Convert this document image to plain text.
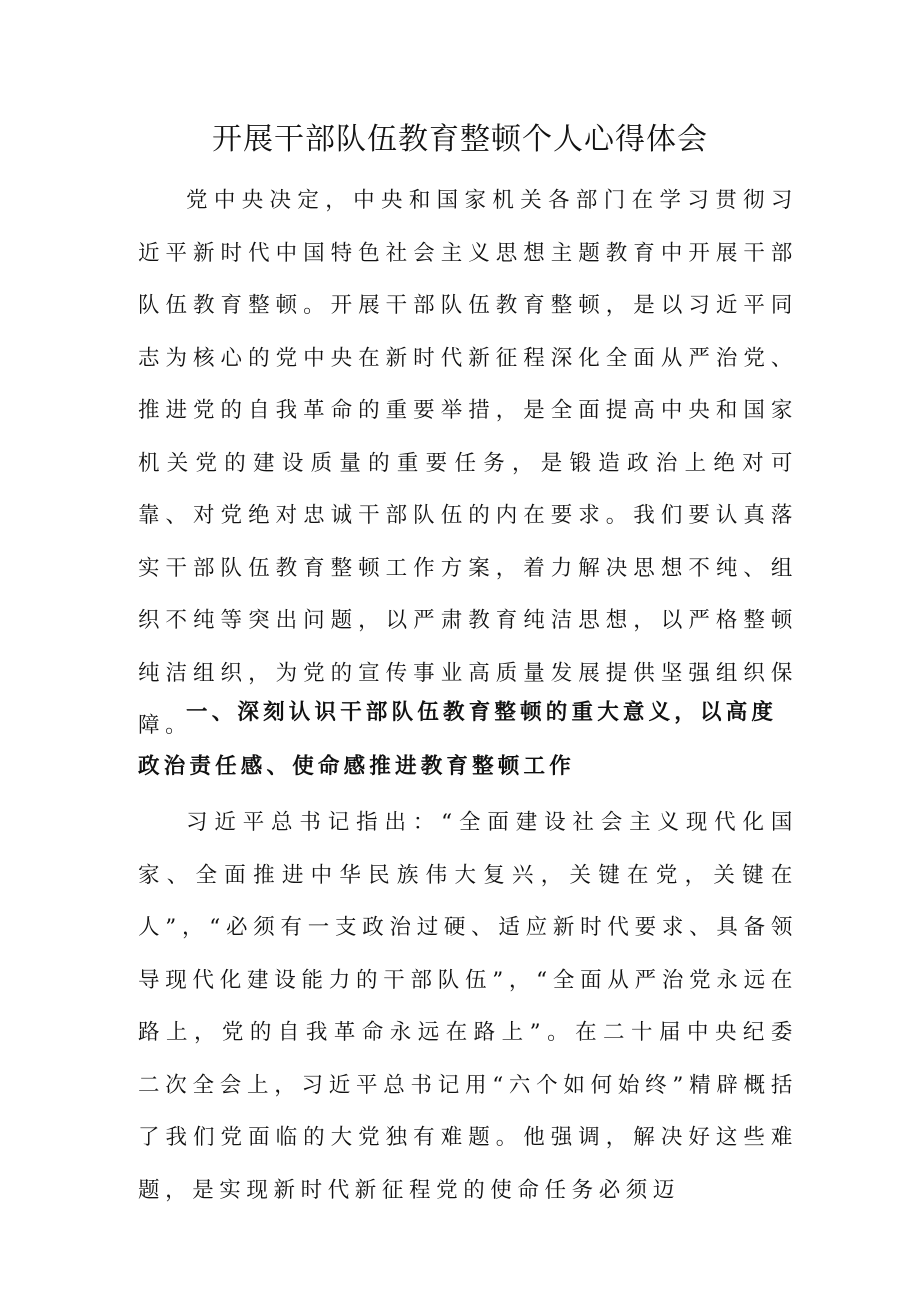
开展干部队伍教育整顿个人心得体会

党中央决定，中央和国家机关各部门在学习贯彻习近平新时代中国特色社会主义思想主题教育中开展干部队伍教育整顿。开展干部队伍教育整顿，是以习近平同志为核心的党中央在新时代新征程深化全面从严治党、推进党的自我革命的重要举措，是全面提高中央和国家机关党的建设质量的重要任务，是锻造政治上绝对可靠、对党绝对忠诚干部队伍的内在要求。我们要认真落实干部队伍教育整顿工作方案，着力解决思想不纯、组织不纯等突出问题，以严肃教育纯洁思想，以严格整顿纯洁组织，为党的宣传事业高质量发展提供坚强组织保障。

一、深刻认识干部队伍教育整顿的重大意义，以高度政治责任感、使命感推进教育整顿工作

习近平总书记指出：“全面建设社会主义现代化国家、全面推进中华民族伟大复兴，关键在党，关键在人”，“必须有一支政治过硬、适应新时代要求、具备领导现代化建设能力的干部队伍”，“全面从严治党永远在路上，党的自我革命永远在路上”。在二十届中央纪委二次全会上，习近平总书记用“六个如何始终”精辟概括了我们党面临的大党独有难题。他强调，解决好这些难题，是实现新时代新征程党的使命任务必须迈
